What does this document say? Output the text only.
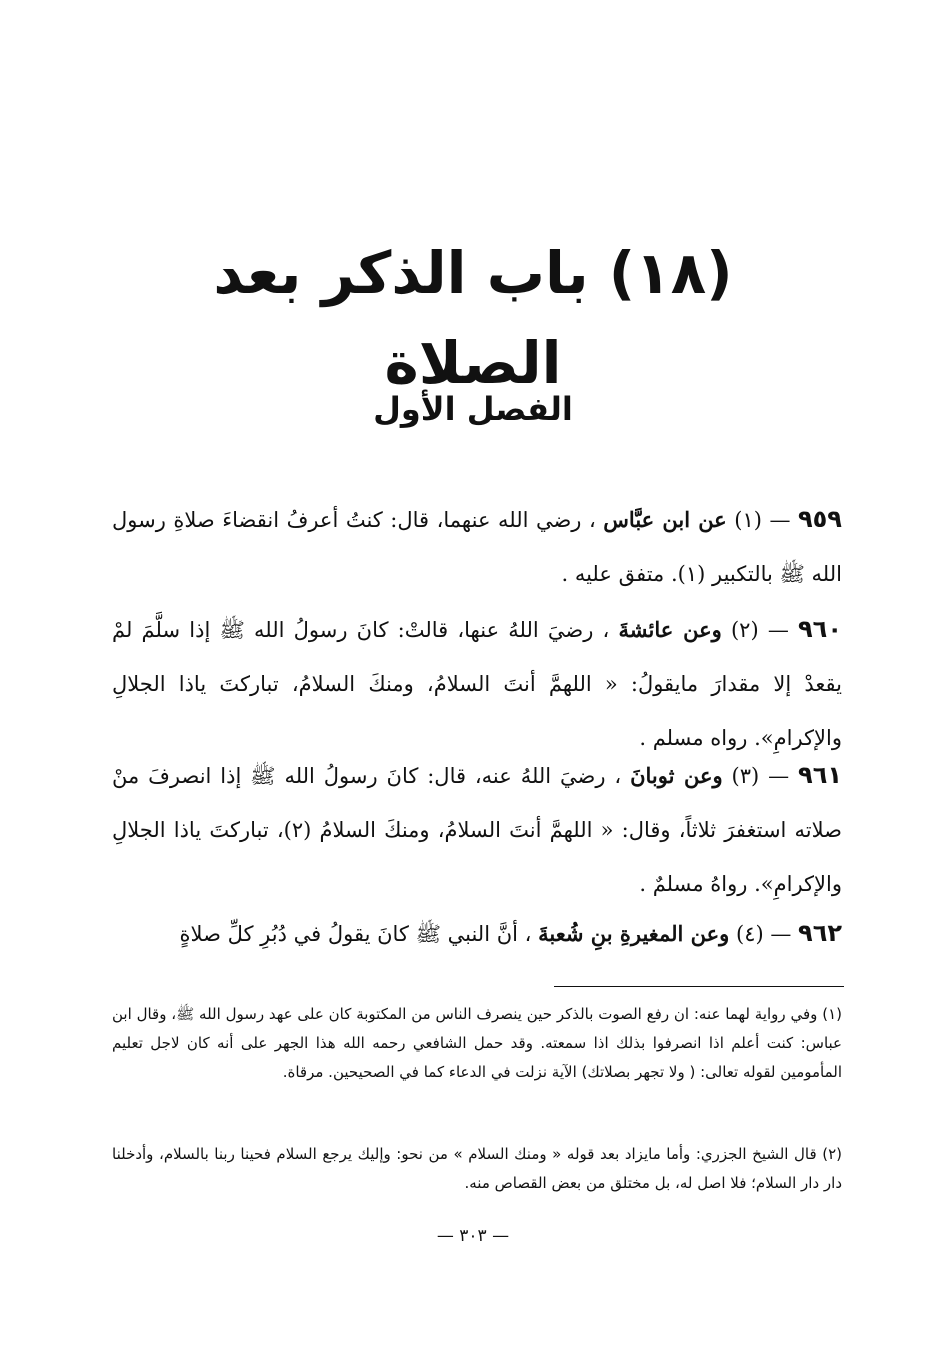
(١٨) باب الذكر بعد الصلاة
الفصل الأول
٩٥٩ — (١) عن ابن عبَّاس ، رضي الله عنهما، قال: كنتُ أعرفُ انقضاءَ صلاةِ رسول الله ﷺ بالتكبير (١). متفق عليه .
٩٦٠ — (٢) وعن عائشةَ ، رضيَ اللهُ عنها، قالتْ: كانَ رسولُ الله ﷺ إذا سلَّمَ لمْ يقعدْ إلا مقدارَ مايقولُ: « اللهمَّ أنتَ السلامُ، ومنكَ السلامُ، تباركتَ ياذا الجلالِ والإكرامِ». رواه مسلم .
٩٦١ — (٣) وعن ثوبانَ ، رضيَ اللهُ عنه، قال: كانَ رسولُ الله ﷺ إذا انصرفَ منْ صلاته استغفرَ ثلاثاً، وقال: « اللهمَّ أنتَ السلامُ، ومنكَ السلامُ (٢)، تباركتَ ياذا الجلالِ والإكرامِ». رواهُ مسلمٌ .
٩٦٢ — (٤) وعن المغيرةِ بنِ شُعبةَ ، أنَّ النبي ﷺ كانَ يقولُ في دُبُرِ كلِّ صلاةٍ
(١) وفي رواية لهما عنه: ان رفع الصوت بالذكر حين ينصرف الناس من المكتوبة كان على عهد رسول الله ﷺ، وقال ابن عباس: كنت أعلم اذا انصرفوا بذلك اذا سمعته. وقد حمل الشافعي رحمه الله هذا الجهر على أنه كان لاجل تعليم المأمومين لقوله تعالى: ( ولا تجهر بصلاتك) الآية نزلت في الدعاء كما في الصحيحين. مرقاة.
(٢) قال الشيخ الجزري: وأما مايزاد بعد قوله « ومنك السلام » من نحو: وإليك يرجع السلام فحينا ربنا بالسلام، وأدخلنا دار دار السلام؛ فلا اصل له، بل مختلق من بعض القصاص منه.
— ٣٠٣ —
